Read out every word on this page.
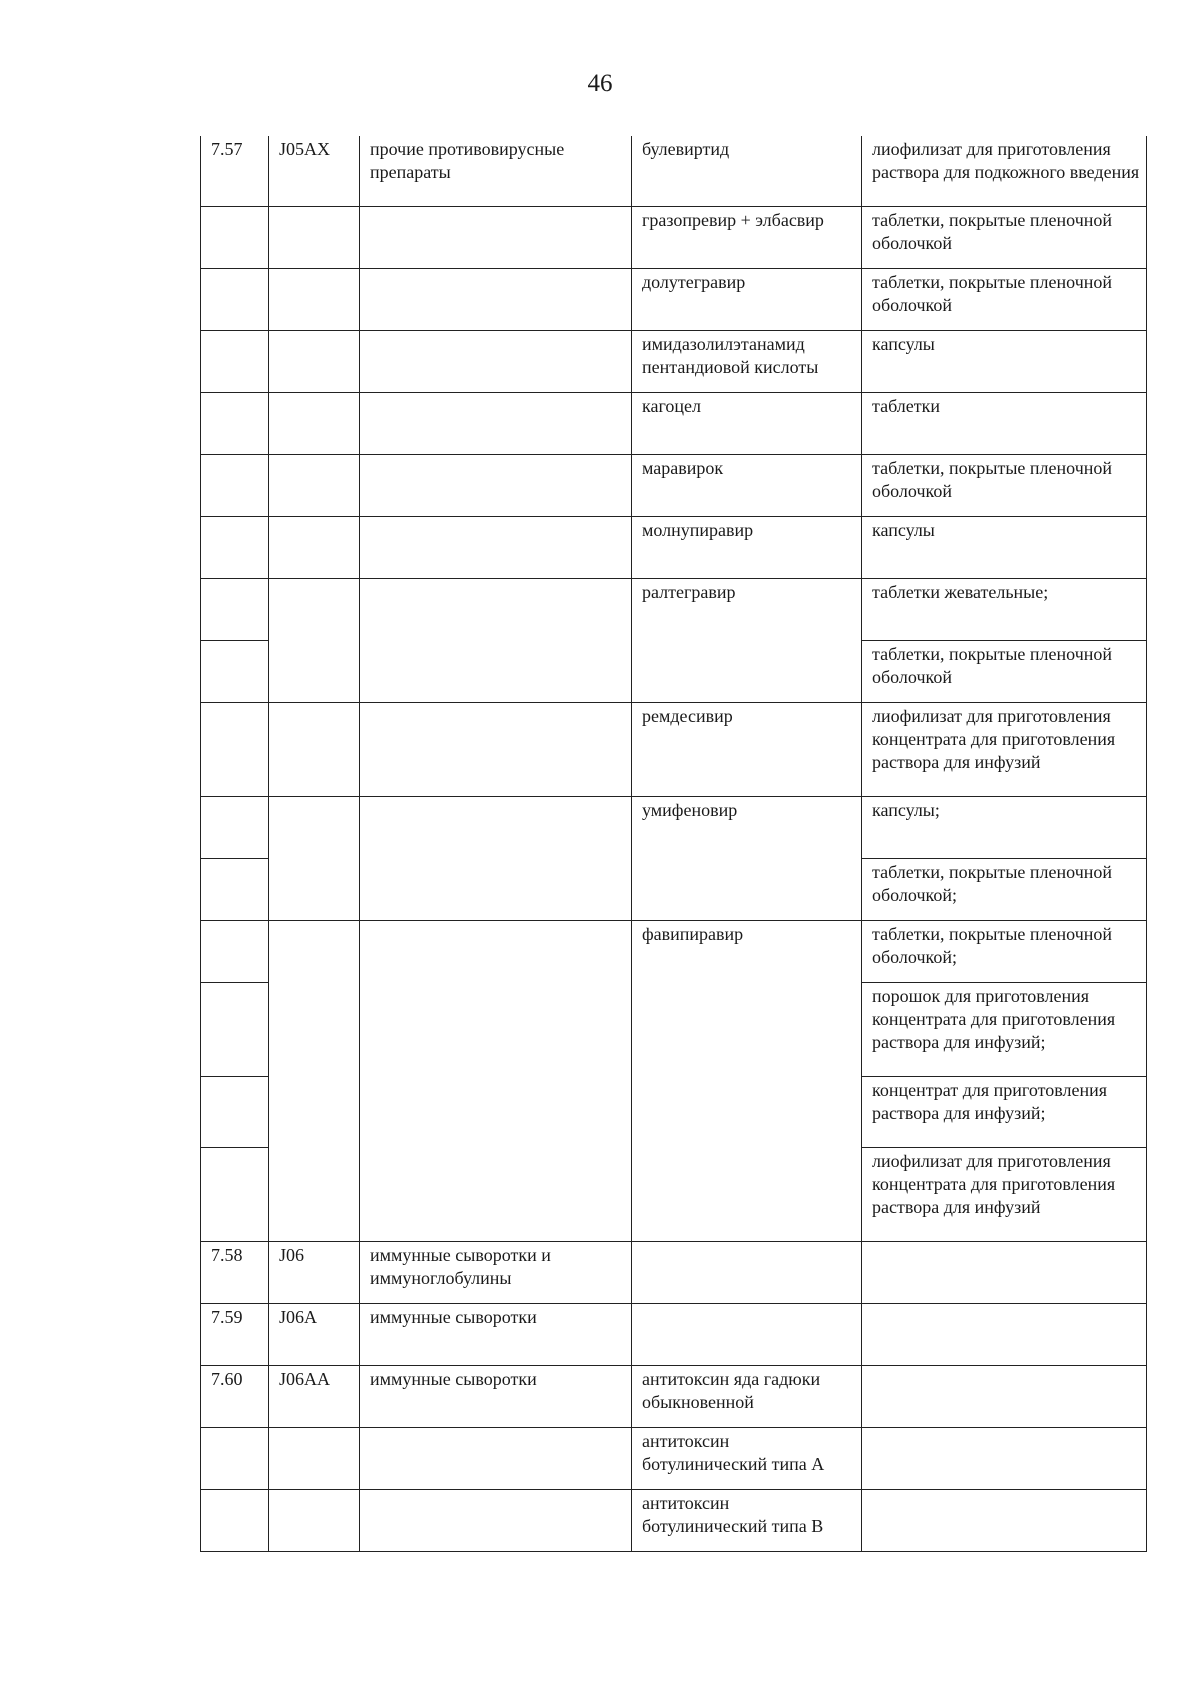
46
7.57	J05AX	прочие противовирусные препараты	булевиртид	лиофилизат для приготовления раствора для подкожного введения
			гразопревир + элбасвир	таблетки, покрытые пленочной оболочкой
			долутегравир	таблетки, покрытые пленочной оболочкой
			имидазолилэтанамид пентандиовой кислоты	капсулы
			кагоцел	таблетки
			маравирок	таблетки, покрытые пленочной оболочкой
			молнупиравир	капсулы
			ралтегравир	таблетки жевательные;
				таблетки, покрытые пленочной оболочкой
			ремдесивир	лиофилизат для приготовления концентрата для приготовления раствора для инфузий
			умифеновир	капсулы;
				таблетки, покрытые пленочной оболочкой;
			фавипиравир	таблетки, покрытые пленочной оболочкой;
				порошок для приготовления концентрата для приготовления раствора для инфузий;
				концентрат для приготовления раствора для инфузий;
				лиофилизат для приготовления концентрата для приготовления раствора для инфузий
7.58	J06	иммунные сыворотки и иммуноглобулины		
7.59	J06A	иммунные сыворотки		
7.60	J06AA	иммунные сыворотки	антитоксин яда гадюки обыкновенной	
			антитоксин ботулинический типа А	
			антитоксин ботулинический типа В	
